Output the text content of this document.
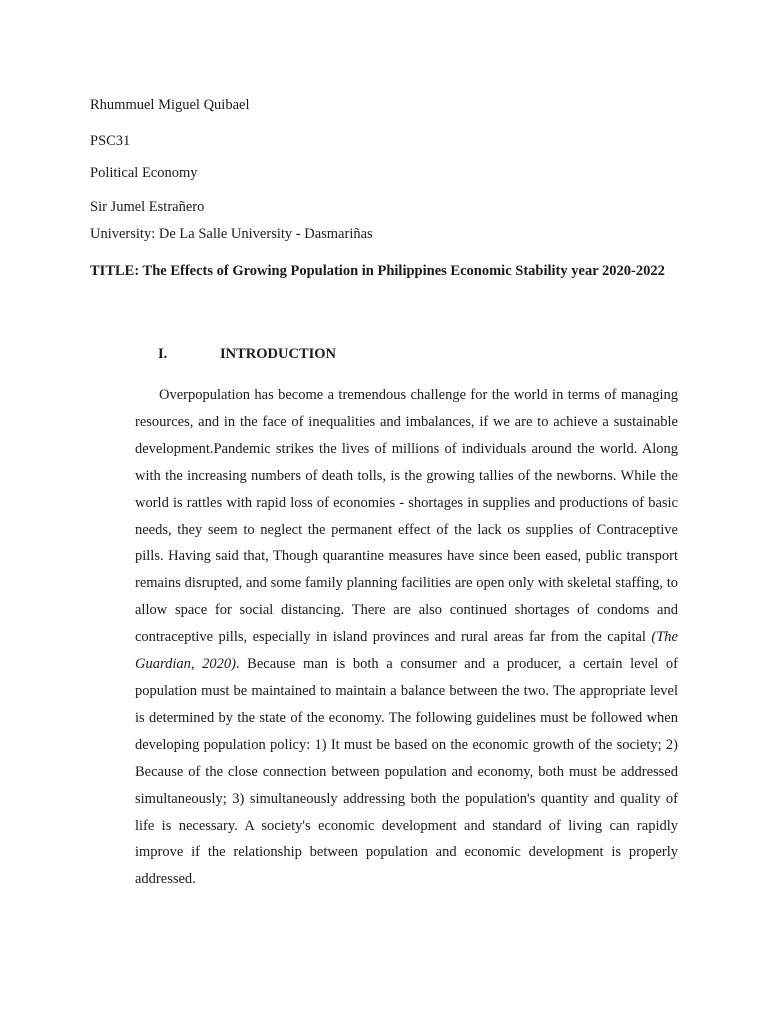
Rhummuel Miguel Quibael
PSC31
Political Economy
Sir Jumel Estrañero
University: De La Salle University - Dasmariñas
TITLE: The Effects of Growing Population in Philippines Economic Stability year 2020-2022
I.	INTRODUCTION

Overpopulation has become a tremendous challenge for the world in terms of managing resources, and in the face of inequalities and imbalances, if we are to achieve a sustainable development.Pandemic strikes the lives of millions of individuals around the world. Along with the increasing numbers of death tolls, is the growing tallies of the newborns. While the world is rattles with rapid loss of economies - shortages in supplies and productions of basic needs, they seem to neglect the permanent effect of the lack os supplies of Contraceptive pills. Having said that, Though quarantine measures have since been eased, public transport remains disrupted, and some family planning facilities are open only with skeletal staffing, to allow space for social distancing. There are also continued shortages of condoms and contraceptive pills, especially in island provinces and rural areas far from the capital (The Guardian, 2020). Because man is both a consumer and a producer, a certain level of population must be maintained to maintain a balance between the two. The appropriate level is determined by the state of the economy. The following guidelines must be followed when developing population policy: 1) It must be based on the economic growth of the society; 2) Because of the close connection between population and economy, both must be addressed simultaneously; 3) simultaneously addressing both the population's quantity and quality of life is necessary. A society's economic development and standard of living can rapidly improve if the relationship between population and economic development is properly addressed.
